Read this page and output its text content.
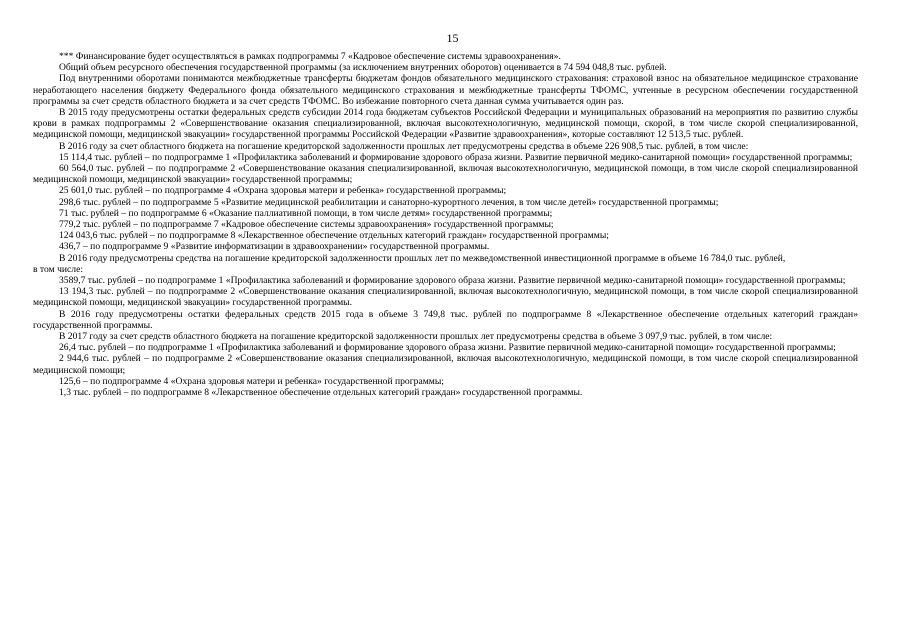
15

*** Финансирование будет осуществляться в рамках подпрограммы 7 «Кадровое обеспечение системы здравоохранения».

Общий объем ресурсного обеспечения государственной программы (за исключением внутренних оборотов) оценивается в 74 594 048,8 тыс. рублей.

Под внутренними оборотами понимаются межбюджетные трансферты бюджетам фондов обязательного медицинского страхования: страховой взнос на обязательное медицинское страхование неработающего населения бюджету Федерального фонда обязательного медицинского страхования и межбюджетные трансферты ТФОМС, учтенные в ресурсном обеспечении государственной программы за счет средств областного бюджета и за счет средств ТФОМС. Во избежание повторного счета данная сумма учитывается один раз.

В 2015 году предусмотрены остатки федеральных средств субсидии 2014 года бюджетам субъектов Российской Федерации и муниципальных образований на мероприятия по развитию службы крови в рамках подпрограммы 2 «Совершенствование оказания специализированной, включая высокотехнологичную, медицинской помощи, скорой, в том числе скорой специализированной, медицинской помощи, медицинской эвакуации» государственной программы Российской Федерации «Развитие здравоохранения», которые составляют 12 513,5 тыс. рублей.

В 2016 году за счет областного бюджета на погашение кредиторской задолженности прошлых лет предусмотрены средства в объеме 226 908,5 тыс. рублей, в том числе:

15 114,4 тыс. рублей – по подпрограмме 1 «Профилактика заболеваний и формирование здорового образа жизни. Развитие первичной медико-санитарной помощи» государственной программы;

60 564,0 тыс. рублей – по подпрограмме 2 «Совершенствование оказания специализированной, включая высокотехнологичную, медицинской помощи, в том числе скорой специализированной медицинской помощи, медицинской эвакуации» государственной программы;

25 601,0 тыс. рублей – по подпрограмме 4 «Охрана здоровья матери и ребенка» государственной программы;

298,6 тыс. рублей – по подпрограмме 5 «Развитие медицинской реабилитации и санаторно-курортного лечения, в том числе детей» государственной программы;

71 тыс. рублей – по подпрограмме 6 «Оказание паллиативной помощи, в том числе детям» государственной программы;

779,2 тыс. рублей – по подпрограмме 7 «Кадровое обеспечение системы здравоохранения» государственной программы;

124 043,6 тыс. рублей – по подпрограмме 8 «Лекарственное обеспечение отдельных категорий граждан» государственной программы;

436,7 – по подпрограмме 9 «Развитие информатизации в здравоохранении» государственной программы.

В 2016 году предусмотрены средства на погашение кредиторской задолженности прошлых лет по межведомственной инвестиционной программе в объеме 16 784,0 тыс. рублей,

в том числе:

3589,7 тыс. рублей – по подпрограмме 1 «Профилактика заболеваний и формирование здорового образа жизни. Развитие первичной медико-санитарной помощи» государственной программы;

13 194,3 тыс. рублей – по подпрограмме 2 «Совершенствование оказания специализированной, включая высокотехнологичную, медицинской помощи, в том числе скорой специализированной медицинской помощи, медицинской эвакуации» государственной программы.

В 2016 году предусмотрены остатки федеральных средств 2015 года в объеме 3 749,8 тыс. рублей по подпрограмме 8 «Лекарственное обеспечение отдельных категорий граждан» государственной программы.

В 2017 году за счет средств областного бюджета на погашение кредиторской задолженности прошлых лет предусмотрены средства в объеме 3 097,9 тыс. рублей, в том числе:

26,4 тыс. рублей – по подпрограмме 1 «Профилактика заболеваний и формирование здорового образа жизни. Развитие первичной медико-санитарной помощи» государственной программы;

2 944,6 тыс. рублей – по подпрограмме 2 «Совершенствование оказания специализированной, включая высокотехнологичную, медицинской помощи, в том числе скорой специализированной медицинской помощи;

125,6 – по подпрограмме 4 «Охрана здоровья матери и ребенка» государственной программы;

1,3 тыс. рублей – по подпрограмме 8 «Лекарственное обеспечение отдельных категорий граждан» государственной программы.
